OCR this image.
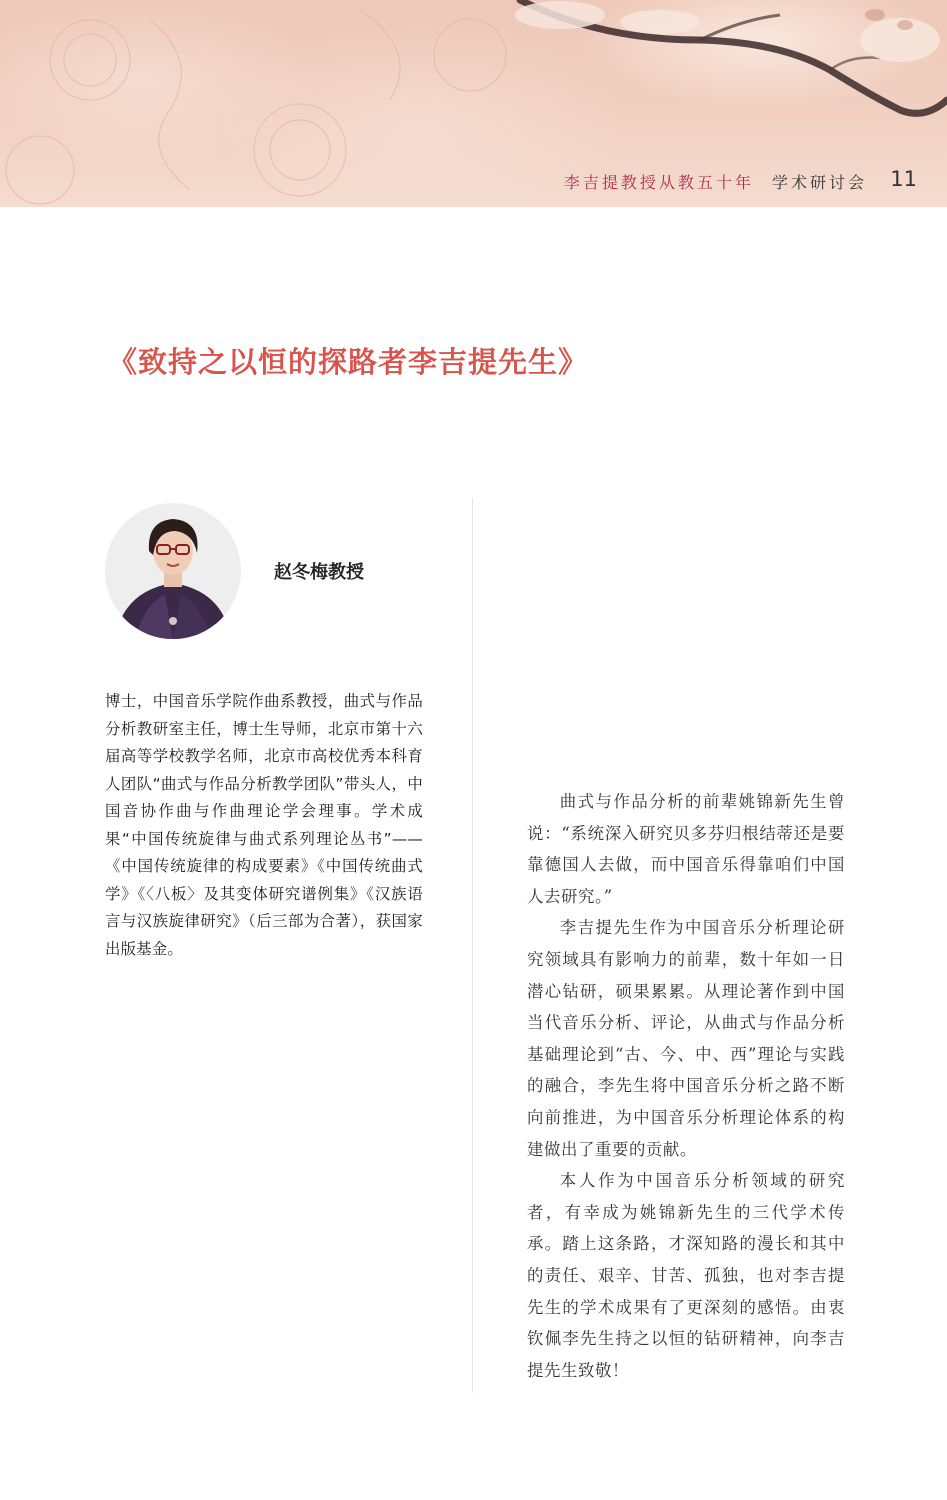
李吉提教授从教五十年 学术研讨会 11
《致持之以恒的探路者李吉提先生》
赵冬梅教授

博士，中国音乐学院作曲系教授，曲式与作品分析教研室主任，博士生导师，北京市第十六届高等学校教学名师，北京市高校优秀本科育人团队“曲式与作品分析教学团队”带头人，中国音协作曲与作曲理论学会理事。学术成果“中国传统旋律与曲式系列理论丛书”——《中国传统旋律的构成要素》《中国传统曲式学》《〈八板〉及其变体研究谱例集》《汉族语言与汉族旋律研究》（后三部为合著），获国家出版基金。

曲式与作品分析的前辈姚锦新先生曾说：“系统深入研究贝多芬归根结蒂还是要靠德国人去做，而中国音乐得靠咱们中国人去研究。”

李吉提先生作为中国音乐分析理论研究领域具有影响力的前辈，数十年如一日潜心钻研，硕果累累。从理论著作到中国当代音乐分析、评论，从曲式与作品分析基础理论到“古、今、中、西”理论与实践的融合，李先生将中国音乐分析之路不断向前推进，为中国音乐分析理论体系的构建做出了重要的贡献。

本人作为中国音乐分析领域的研究者，有幸成为姚锦新先生的三代学术传承。踏上这条路，才深知路的漫长和其中的责任、艰辛、甘苦、孤独，也对李吉提先生的学术成果有了更深刻的感悟。由衷钦佩李先生持之以恒的钻研精神，向李吉提先生致敬！
